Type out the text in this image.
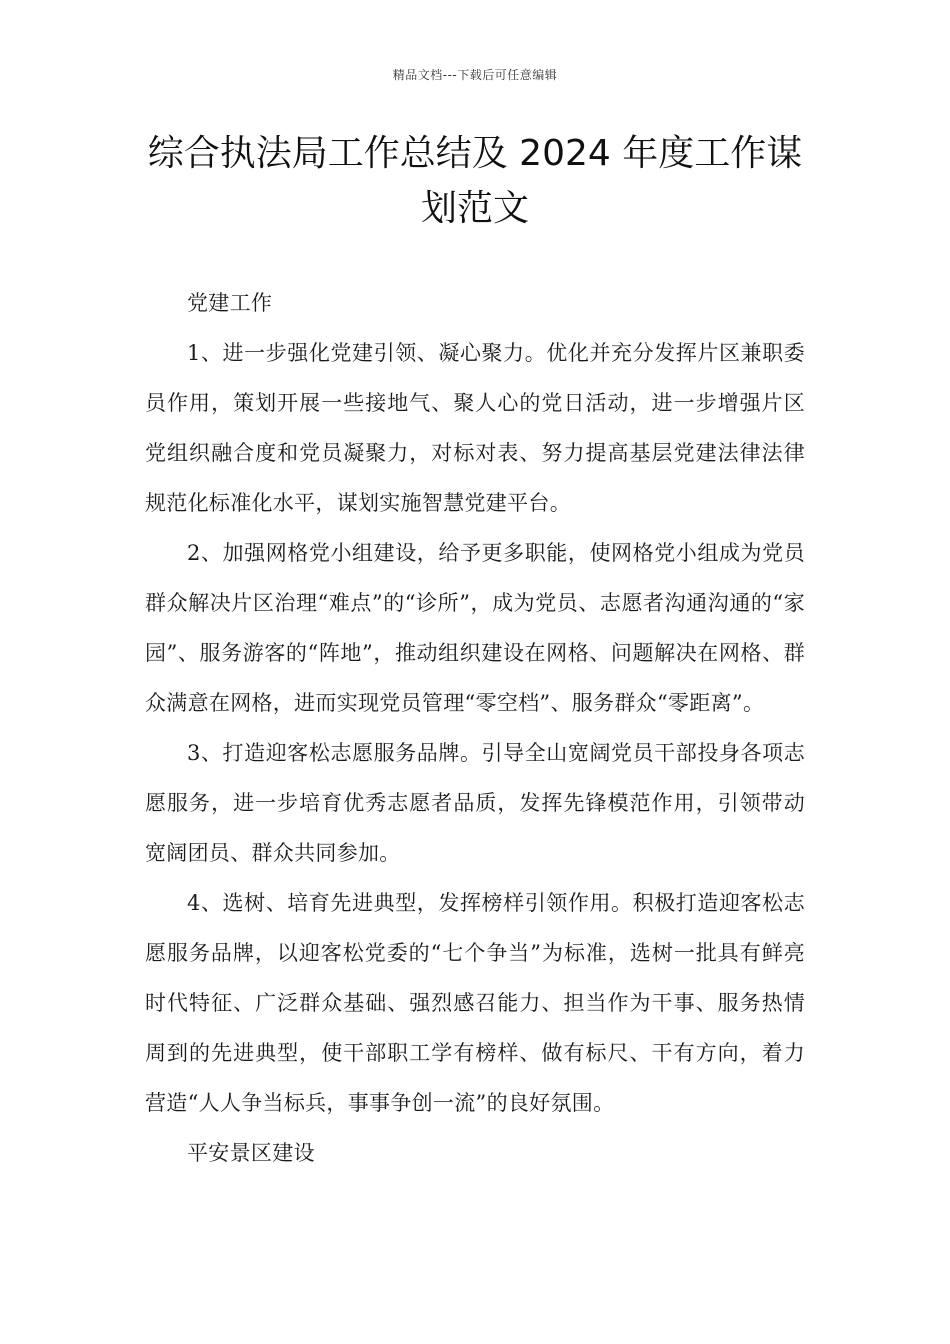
精品文档---下载后可任意编辑
综合执法局工作总结及 2024 年度工作谋划范文

党建工作

1、进一步强化党建引领、凝心聚力。优化并充分发挥片区兼职委员作用，策划开展一些接地气、聚人心的党日活动，进一步增强片区党组织融合度和党员凝聚力，对标对表、努力提高基层党建法律法律规范化标准化水平，谋划实施智慧党建平台。

2、加强网格党小组建设，给予更多职能，使网格党小组成为党员群众解决片区治理“难点”的“诊所”，成为党员、志愿者沟通沟通的“家园”、服务游客的“阵地”，推动组织建设在网格、问题解决在网格、群众满意在网格，进而实现党员管理“零空档”、服务群众“零距离”。

3、打造迎客松志愿服务品牌。引导全山宽阔党员干部投身各项志愿服务，进一步培育优秀志愿者品质，发挥先锋模范作用，引领带动宽阔团员、群众共同参加。

4、选树、培育先进典型，发挥榜样引领作用。积极打造迎客松志愿服务品牌，以迎客松党委的“七个争当”为标准，选树一批具有鲜亮时代特征、广泛群众基础、强烈感召能力、担当作为干事、服务热情周到的先进典型，使干部职工学有榜样、做有标尺、干有方向，着力营造“人人争当标兵，事事争创一流”的良好氛围。

平安景区建设
